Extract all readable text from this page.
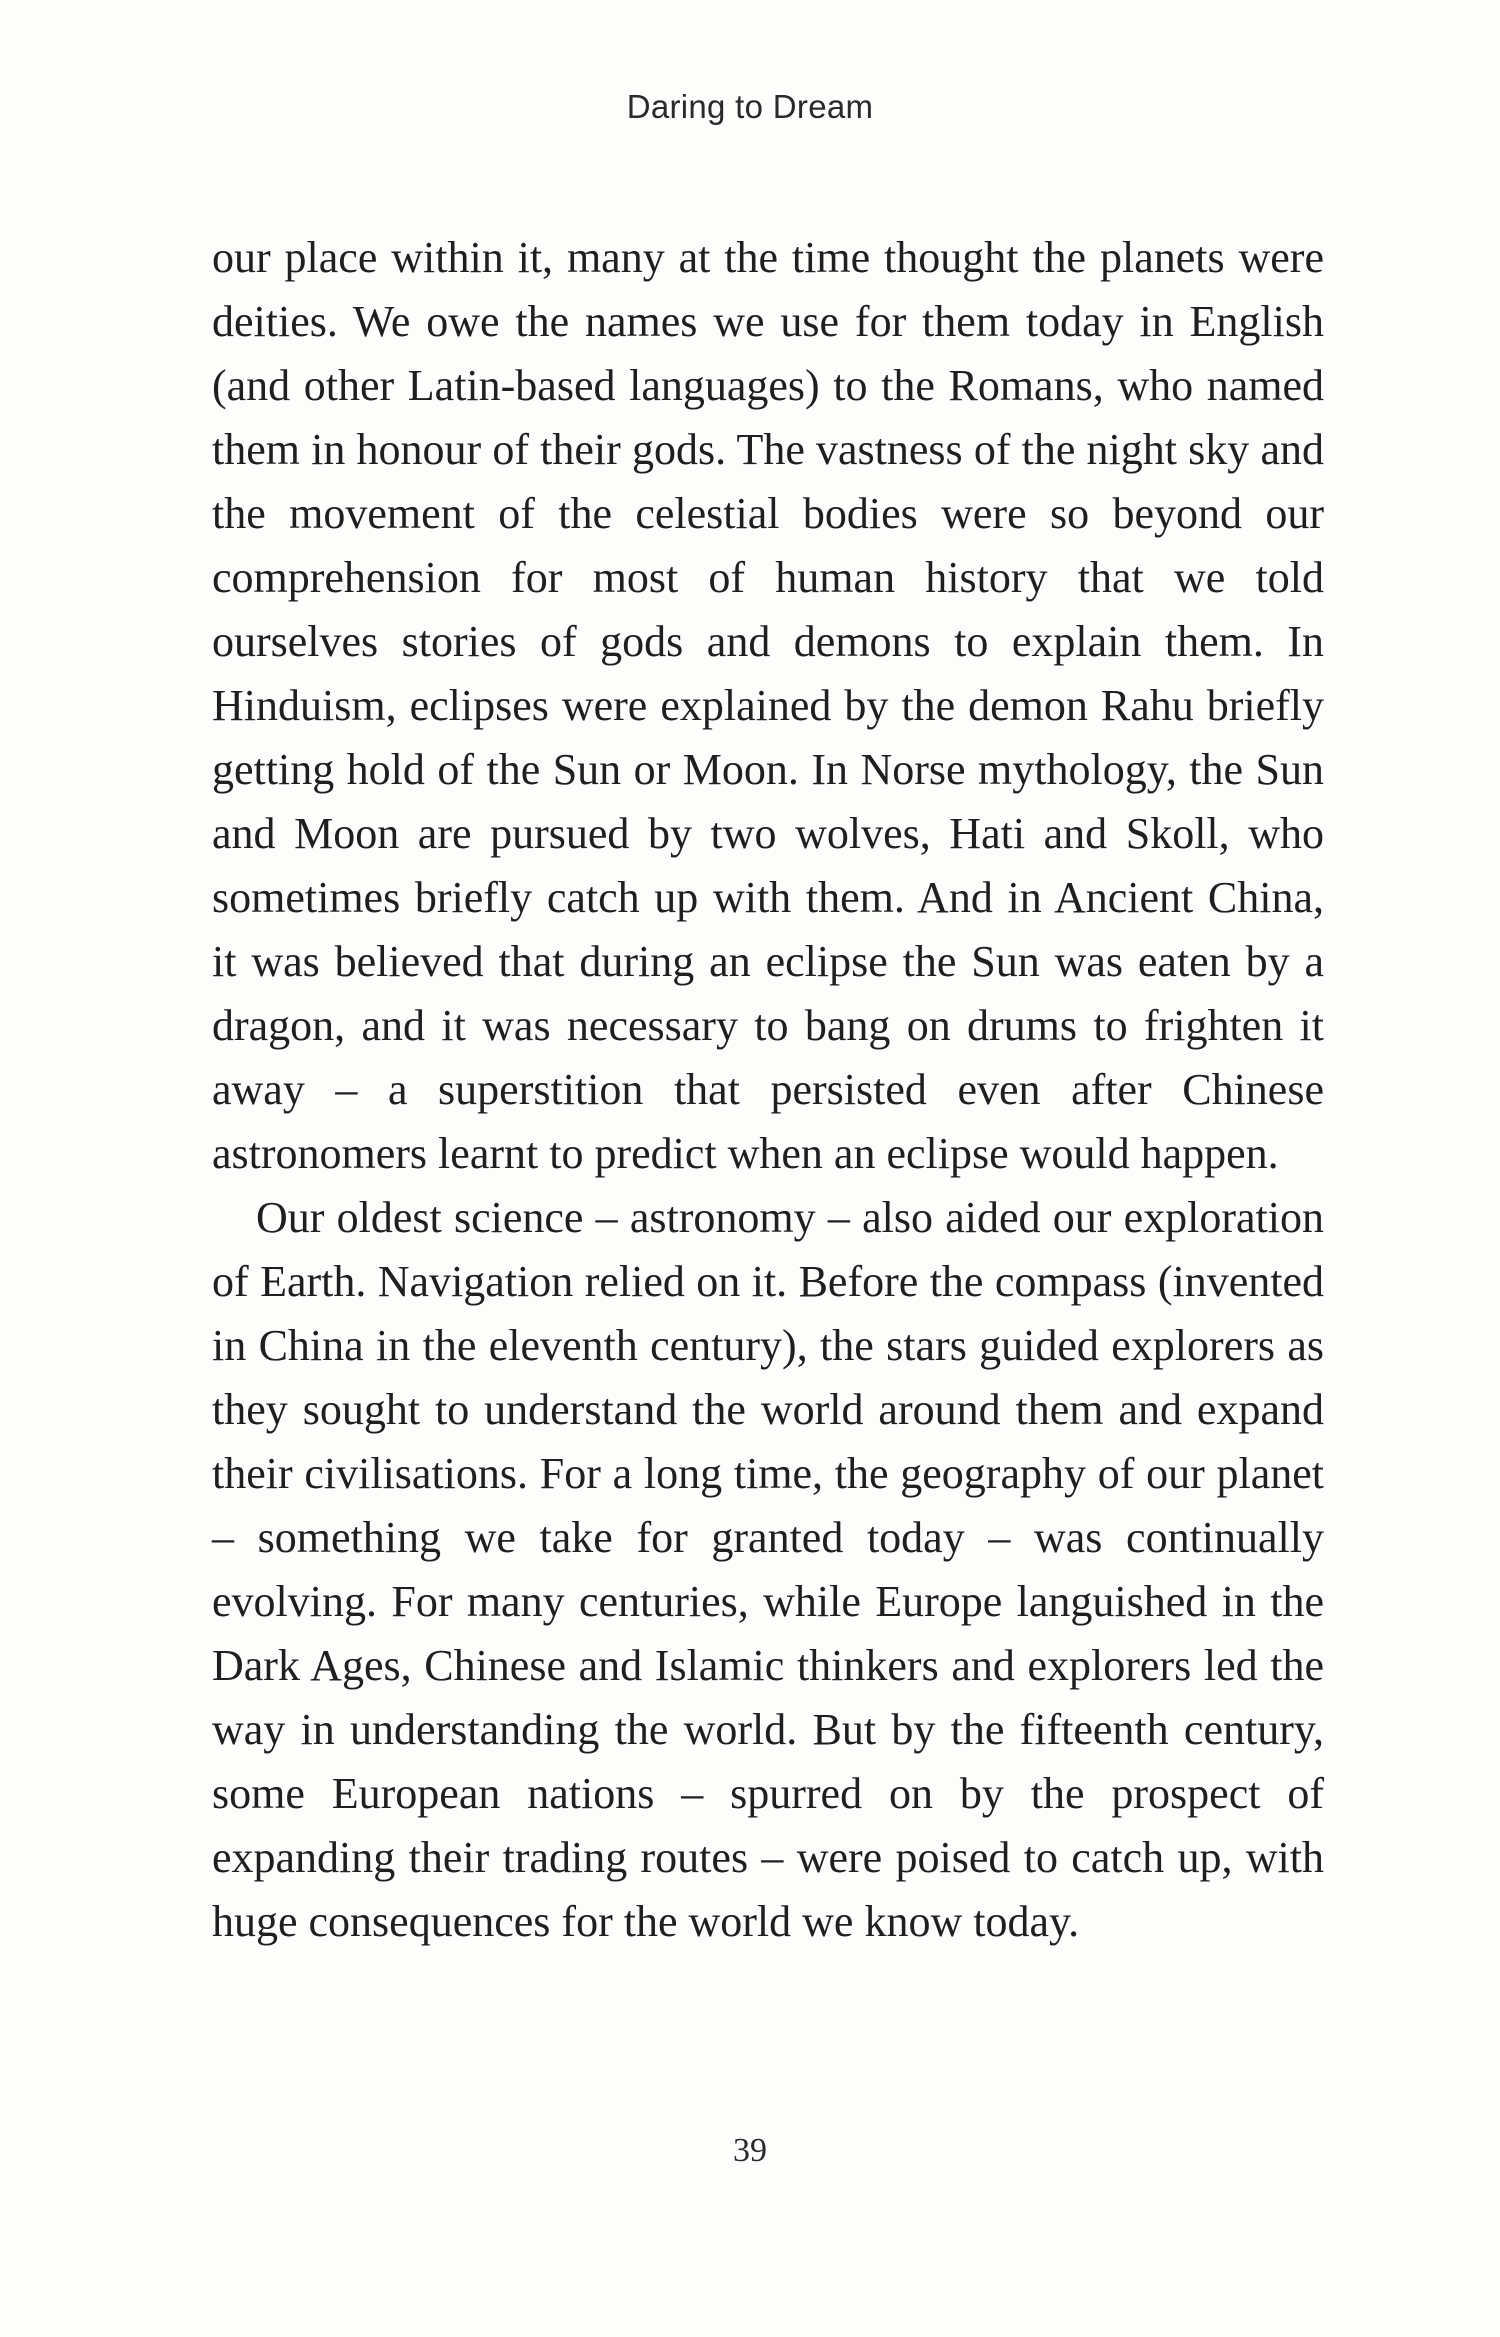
Daring to Dream

our place within it, many at the time thought the planets were deities. We owe the names we use for them today in English (and other Latin-based languages) to the Romans, who named them in honour of their gods. The vastness of the night sky and the movement of the celestial bodies were so beyond our comprehension for most of human history that we told ourselves stories of gods and demons to explain them. In Hinduism, eclipses were explained by the demon Rahu briefly getting hold of the Sun or Moon. In Norse mythology, the Sun and Moon are pursued by two wolves, Hati and Skoll, who sometimes briefly catch up with them. And in Ancient China, it was believed that during an eclipse the Sun was eaten by a dragon, and it was necessary to bang on drums to frighten it away – a superstition that persisted even after Chinese astronomers learnt to predict when an eclipse would happen.

Our oldest science – astronomy – also aided our exploration of Earth. Navigation relied on it. Before the compass (invented in China in the eleventh century), the stars guided explorers as they sought to understand the world around them and expand their civilisations. For a long time, the geography of our planet – something we take for granted today – was continually evolving. For many centuries, while Europe languished in the Dark Ages, Chinese and Islamic thinkers and explorers led the way in understanding the world. But by the fifteenth century, some European nations – spurred on by the prospect of expanding their trading routes – were poised to catch up, with huge consequences for the world we know today.

39
